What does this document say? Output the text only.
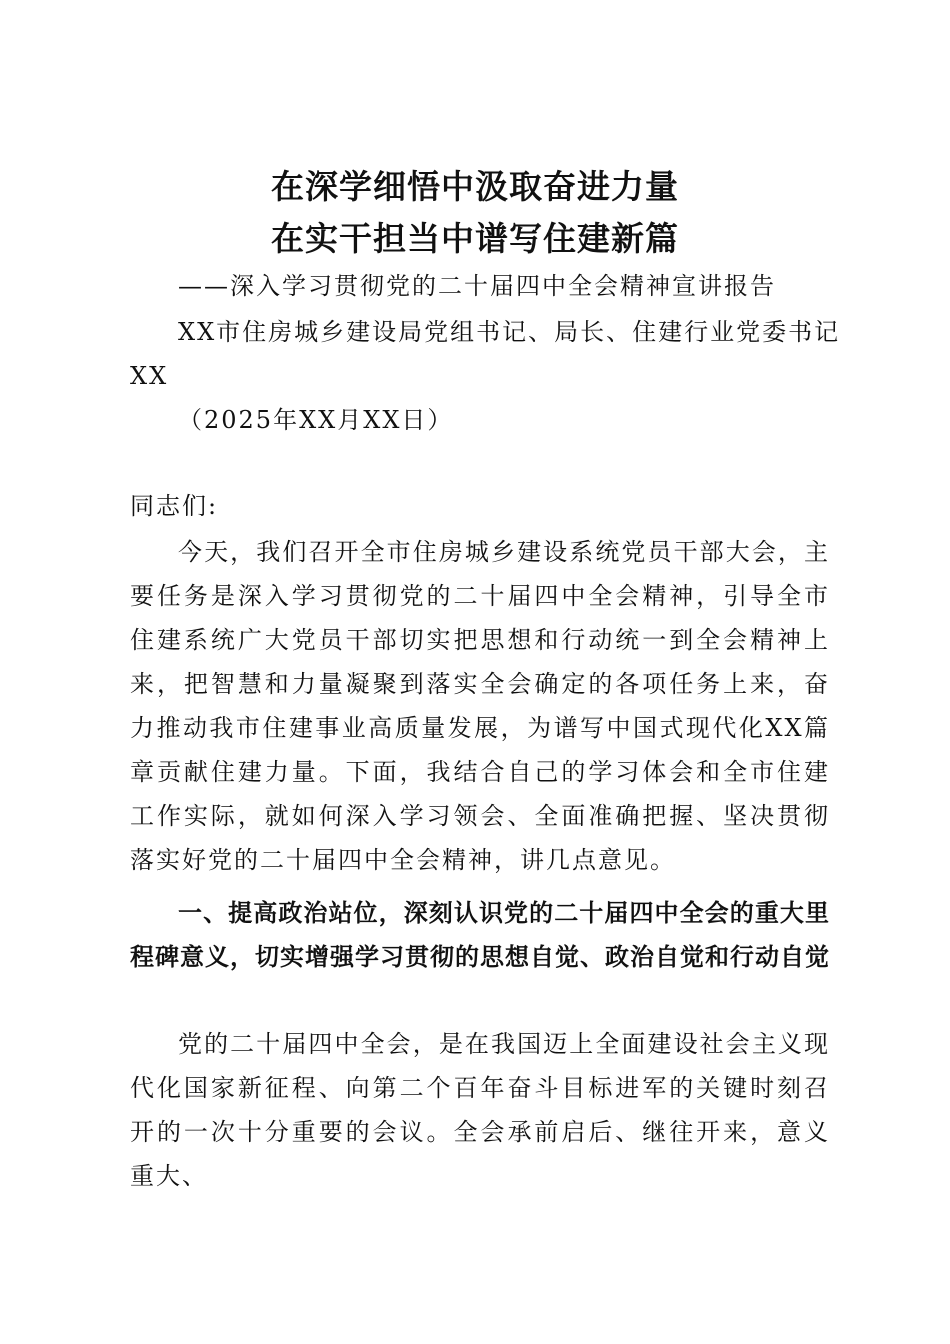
在深学细悟中汲取奋进力量
在实干担当中谱写住建新篇

——深入学习贯彻党的二十届四中全会精神宣讲报告

XX市住房城乡建设局党组书记、局长、住建行业党委书记

XX

（2025年XX月XX日）

同志们:

今天，我们召开全市住房城乡建设系统党员干部大会，主要任务是深入学习贯彻党的二十届四中全会精神，引导全市住建系统广大党员干部切实把思想和行动统一到全会精神上来，把智慧和力量凝聚到落实全会确定的各项任务上来，奋力推动我市住建事业高质量发展，为谱写中国式现代化XX篇章贡献住建力量。下面，我结合自己的学习体会和全市住建工作实际，就如何深入学习领会、全面准确把握、坚决贯彻落实好党的二十届四中全会精神，讲几点意见。

一、提高政治站位，深刻认识党的二十届四中全会的重大里程碑意义，切实增强学习贯彻的思想自觉、政治自觉和行动自觉

党的二十届四中全会，是在我国迈上全面建设社会主义现代化国家新征程、向第二个百年奋斗目标进军的关键时刻召开的一次十分重要的会议。全会承前启后、继往开来，意义重大、
